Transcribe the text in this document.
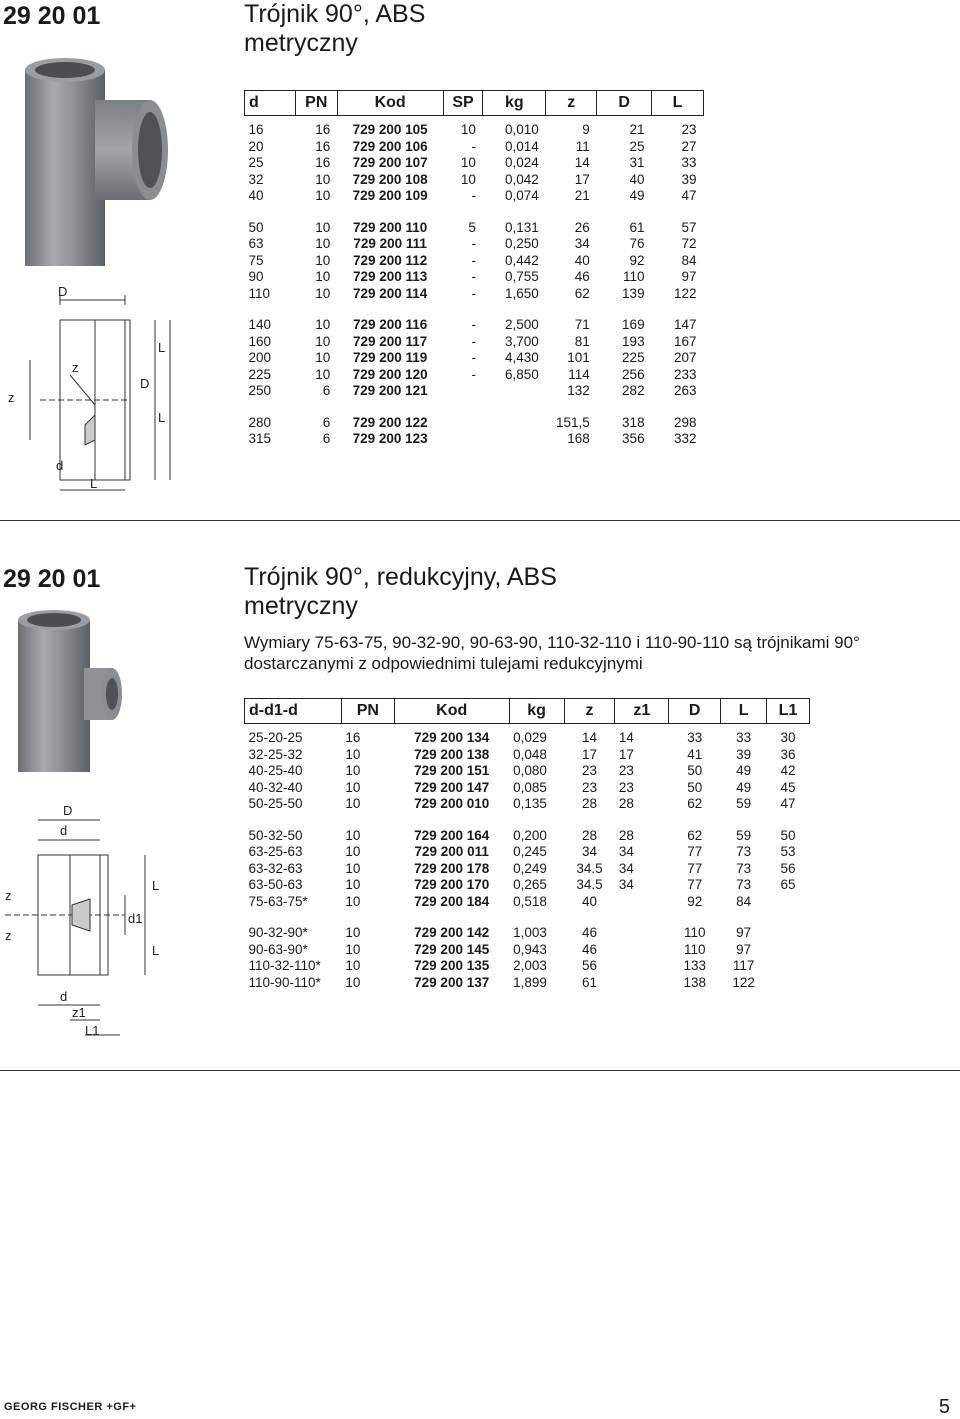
29 20 01	Trójnik 90°, ABS
metryczny
D
z
z
D
L
L
d
L
d	PN	Kod	SP	kg	z	D	L
16	16	729 200 105	10	0,010	9	21	23
20	16	729 200 106	-	0,014	11	25	27
25	16	729 200 107	10	0,024	14	31	33
32	10	729 200 108	10	0,042	17	40	39
40	10	729 200 109	-	0,074	21	49	47

50	10	729 200 110	5	0,131	26	61	57
63	10	729 200 111	-	0,250	34	76	72
75	10	729 200 112	-	0,442	40	92	84
90	10	729 200 113	-	0,755	46	110	97
110	10	729 200 114	-	1,650	62	139	122

140	10	729 200 116	-	2,500	71	169	147
160	10	729 200 117	-	3,700	81	193	167
200	10	729 200 119	-	4,430	101	225	207
225	10	729 200 120	-	6,850	114	256	233
250	6	729 200 121			132	282	263

280	6	729 200 122			151,5	318	298
315	6	729 200 123			168	356	332
29 20 01	Trójnik 90°, redukcyjny, ABS
metryczny
Wymiary 75-63-75, 90-32-90, 90-63-90, 110-32-110 i 110-90-110 są trójnikami 90° dostarczanymi z odpowiednimi tulejami redukcyjnymi
D
d
L
L
d1
z
z
d
z1
L1
d-d1-d	PN	Kod	kg	z	z1	D	L	L1
25-20-25	16	729 200 134	0,029	14	14	33	33	30
32-25-32	10	729 200 138	0,048	17	17	41	39	36
40-25-40	10	729 200 151	0,080	23	23	50	49	42
40-32-40	10	729 200 147	0,085	23	23	50	49	45
50-25-50	10	729 200 010	0,135	28	28	62	59	47

50-32-50	10	729 200 164	0,200	28	28	62	59	50
63-25-63	10	729 200 011	0,245	34	34	77	73	53
63-32-63	10	729 200 178	0,249	34.5	34	77	73	56
63-50-63	10	729 200 170	0,265	34.5	34	77	73	65
75-63-75*	10	729 200 184	0,518	40		92	84	

90-32-90*	10	729 200 142	1,003	46		110	97	
90-63-90*	10	729 200 145	0,943	46		110	97	
110-32-110*	10	729 200 135	2,003	56		133	117	
110-90-110*	10	729 200 137	1,899	61		138	122	
GEORG FISCHER +GF+	5
